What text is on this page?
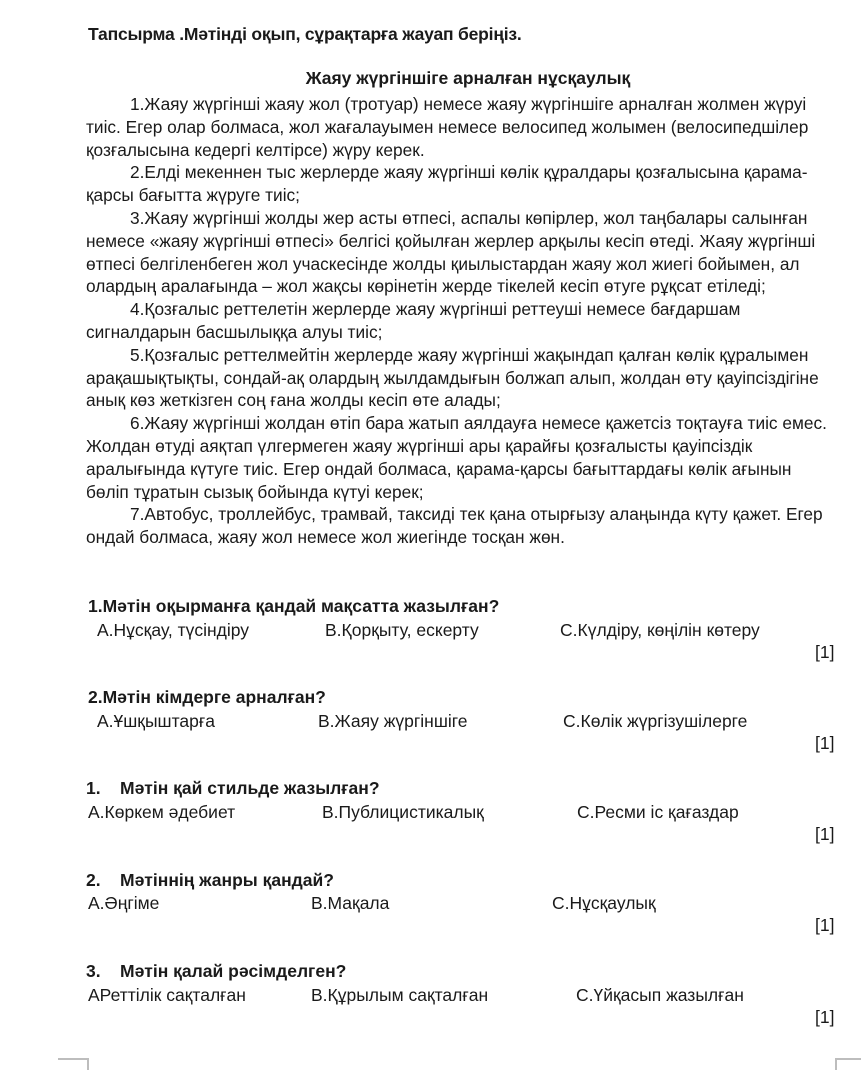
Тапсырма .Мәтінді оқып, сұрақтарға жауап беріңіз.
Жаяу жүргіншіге арналған нұсқаулық

1.Жаяу жүргінші жаяу жол (тротуар) немесе жаяу жүргіншіге арналған жолмен жүруі тиіс. Егер олар болмаса, жол жағалауымен немесе велосипед жолымен (велосипедшілер қозғалысына кедергі келтірсе) жүру керек.

2.Елді мекеннен тыс жерлерде жаяу жүргінші көлік құралдары қозғалысына қарама-қарсы бағытта жүруге тиіс;

3.Жаяу жүргінші жолды жер асты өтпесі, аспалы көпірлер, жол таңбалары салынған немесе «жаяу жүргінші өтпесі» белгісі қойылған жерлер арқылы кесіп өтеді. Жаяу жүргінші өтпесі белгіленбеген жол учаскесінде жолды қиылыстардан жаяу жол жиегі бойымен, ал олардың аралағында – жол жақсы көрінетін жерде тікелей кесіп өтуге рұқсат етіледі;

4.Қозғалыс реттелетін жерлерде жаяу жүргінші реттеуші немесе бағдаршам сигналдарын басшылыққа алуы тиіс;

5.Қозғалыс реттелмейтін жерлерде жаяу жүргінші жақындап қалған көлік құралымен арақашықтықты, сондай-ақ олардың жылдамдығын болжап алып, жолдан өту қауіпсіздігіне анық көз жеткізген соң ғана жолды кесіп өте алады;

6.Жаяу жүргінші жолдан өтіп бара жатып аялдауға немесе қажетсіз тоқтауға тиіс емес. Жолдан өтуді аяқтап үлгермеген жаяу жүргінші ары қарайғы қозғалысты қауіпсіздік аралығында күтуге тиіс. Егер ондай болмаса, қарама-қарсы бағыттардағы көлік ағынын бөліп тұратын сызық бойында күтуі керек;

7.Автобус, троллейбус, трамвай, таксиді тек қана отырғызу алаңында күту қажет. Егер ондай болмаса, жаяу жол немесе жол жиегінде тосқан жөн.

1.Мәтін оқырманға қандай мақсатта жазылған?
А.Нұсқау, түсіндіру	В.Қорқыту, ескерту	С.Күлдіру, көңілін көтеру
[1]
2.Мәтін кімдерге арналған?
А.Ұшқыштарға	В.Жаяу жүргіншіге	С.Көлік жүргізушілерге
[1]
1. Мәтін қай стильде жазылған?
А.Көркем әдебиет	В.Публицистикалық	С.Ресми іс қағаздар
[1]
2. Мәтіннің жанры қандай?
А.Әңгіме	В.Мақала	С.Нұсқаулық
[1]
3. Мәтін қалай рәсімделген?
АРеттілік сақталған	В.Құрылым сақталған	С.Үйқасып жазылған
[1]
